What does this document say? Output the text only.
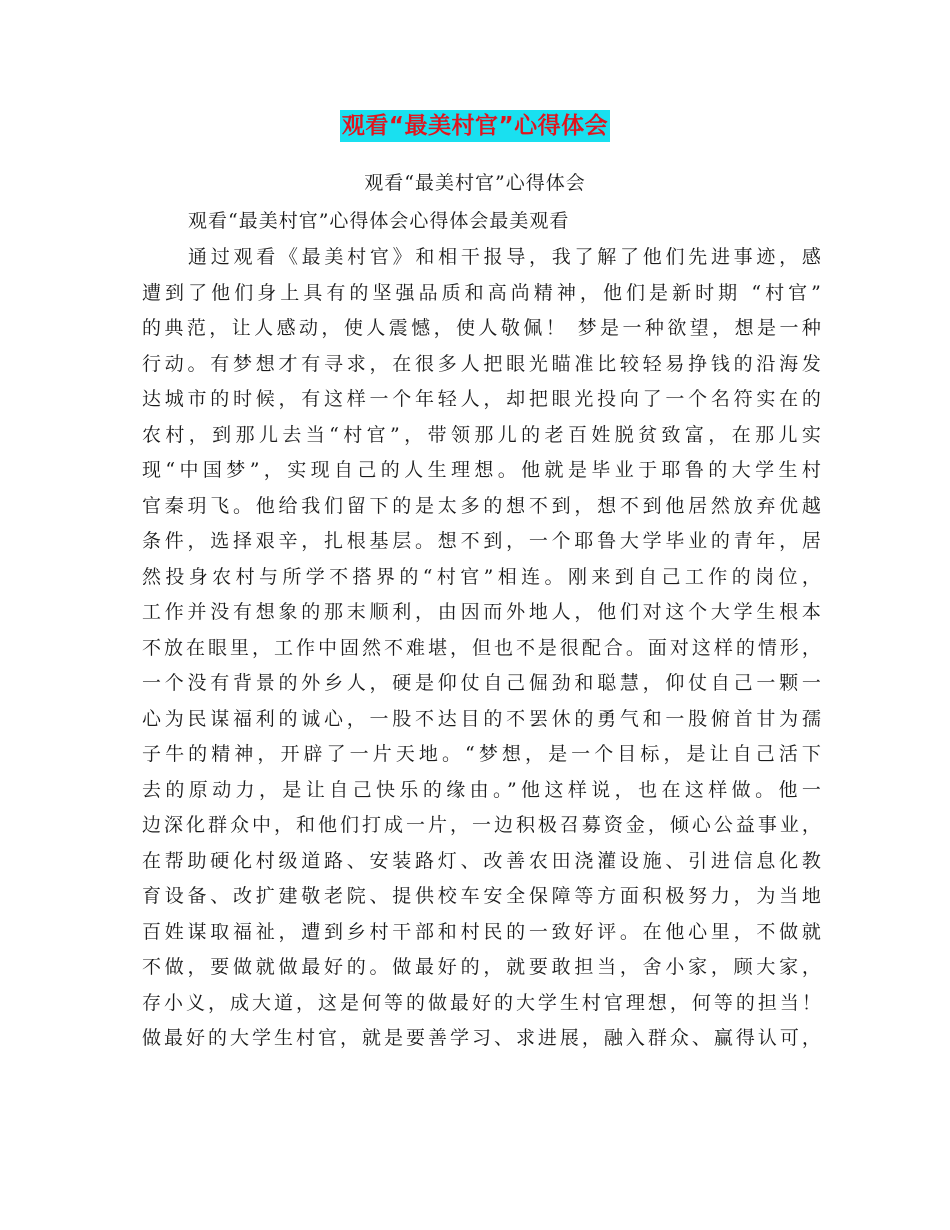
观看“最美村官”心得体会
观看“最美村官”心得体会
观看“最美村官”心得体会心得体会最美观看
通过观看《最美村官》和相干报导，我了解了他们先进事迹，感
遭到了他们身上具有的坚强品质和高尚精神，他们是新时期 “村官”
的典范，让人感动，使人震憾，使人敬佩！ 梦是一种欲望，想是一种
行动。有梦想才有寻求，在很多人把眼光瞄准比较轻易挣钱的沿海发
达城市的时候，有这样一个年轻人，却把眼光投向了一个名符实在的
农村，到那儿去当“村官”，带领那儿的老百姓脱贫致富，在那儿实
现“中国梦”，实现自己的人生理想。他就是毕业于耶鲁的大学生村
官秦玥飞。他给我们留下的是太多的想不到，想不到他居然放弃优越
条件，选择艰辛，扎根基层。想不到，一个耶鲁大学毕业的青年，居
然投身农村与所学不搭界的“村官”相连。刚来到自己工作的岗位，
工作并没有想象的那末顺利，由因而外地人，他们对这个大学生根本
不放在眼里，工作中固然不难堪，但也不是很配合。面对这样的情形，
一个没有背景的外乡人，硬是仰仗自己倔劲和聪慧，仰仗自己一颗一
心为民谋福利的诚心，一股不达目的不罢休的勇气和一股俯首甘为孺
子牛的精神，开辟了一片天地。“梦想，是一个目标，是让自己活下
去的原动力，是让自己快乐的缘由。”他这样说，也在这样做。他一
边深化群众中，和他们打成一片，一边积极召募资金，倾心公益事业，
在帮助硬化村级道路、安装路灯、改善农田浇灌设施、引进信息化教
育设备、改扩建敬老院、提供校车安全保障等方面积极努力，为当地
百姓谋取福祉，遭到乡村干部和村民的一致好评。在他心里，不做就
不做，要做就做最好的。做最好的，就要敢担当，舍小家，顾大家，
存小义，成大道，这是何等的做最好的大学生村官理想，何等的担当！
做最好的大学生村官，就是要善学习、求进展，融入群众、赢得认可，
